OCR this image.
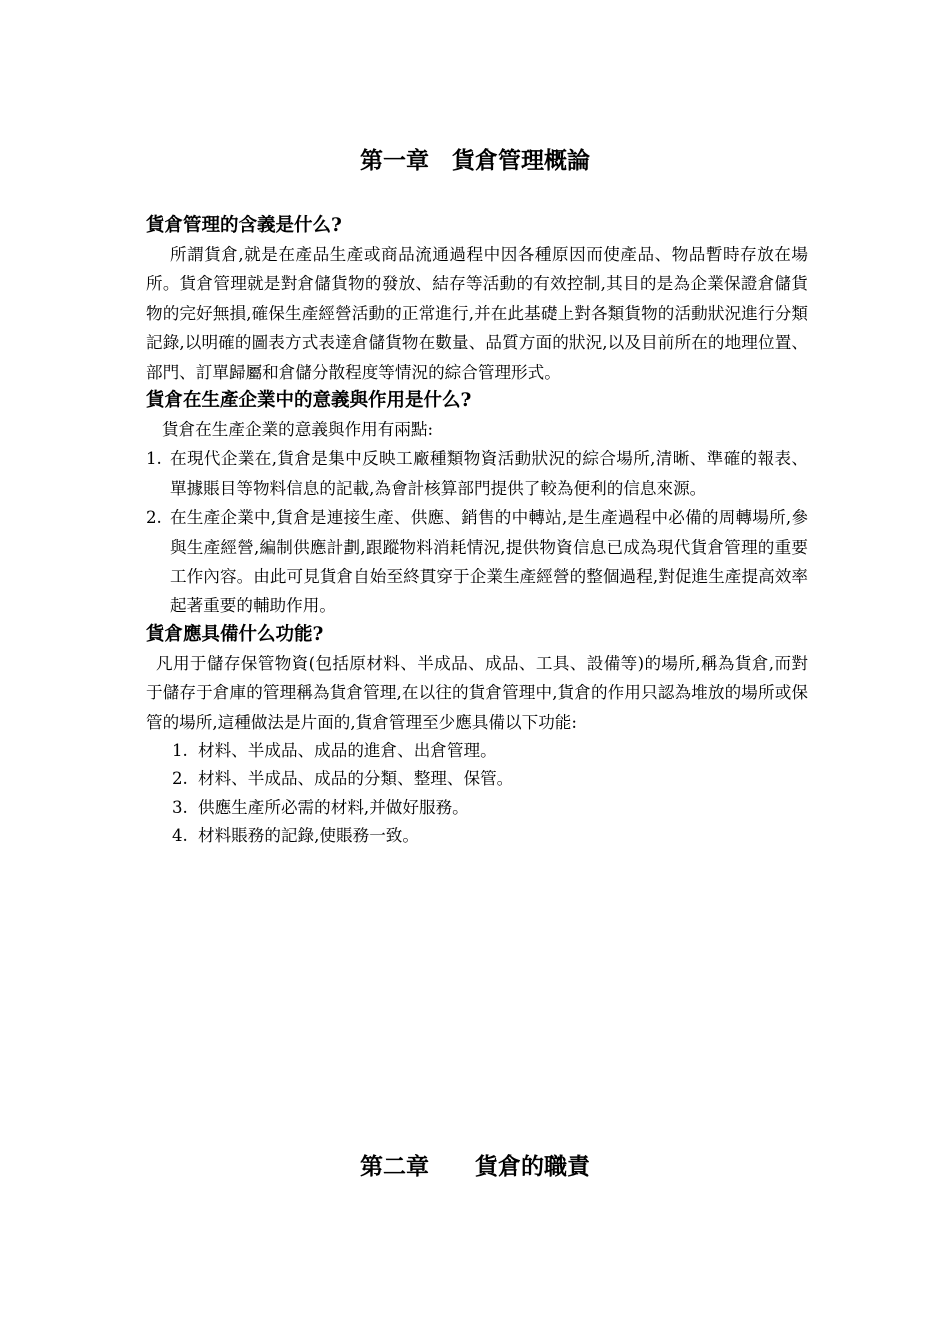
第一章　貨倉管理概論
貨倉管理的含義是什么?

所謂貨倉,就是在產品生產或商品流通過程中因各種原因而使產品、物品暫時存放在場所。貨倉管理就是對倉儲貨物的發放、結存等活動的有效控制,其目的是為企業保證倉儲貨物的完好無損,確保生產經營活動的正常進行,并在此基礎上對各類貨物的活動狀況進行分類記錄,以明確的圖表方式表達倉儲貨物在數量、品質方面的狀況,以及目前所在的地理位置、部門、訂單歸屬和倉儲分散程度等情況的綜合管理形式。

貨倉在生產企業中的意義與作用是什么?

貨倉在生產企業的意義與作用有兩點:

1. 在現代企業在,貨倉是集中反映工廠種類物資活動狀況的綜合場所,清晰、準確的報表、單據賬目等物料信息的記載,為會計核算部門提供了較為便利的信息來源。
2. 在生產企業中,貨倉是連接生產、供應、銷售的中轉站,是生產過程中必備的周轉場所,參與生產經營,編制供應計劃,跟蹤物料消耗情況,提供物資信息已成為現代貨倉管理的重要工作內容。由此可見貨倉自始至終貫穿于企業生產經營的整個過程,對促進生產提高效率起著重要的輔助作用。
貨倉應具備什么功能?

凡用于儲存保管物資(包括原材料、半成品、成品、工具、設備等)的場所,稱為貨倉,而對于儲存于倉庫的管理稱為貨倉管理,在以往的貨倉管理中,貨倉的作用只認為堆放的場所或保管的場所,這種做法是片面的,貨倉管理至少應具備以下功能:

1. 材料、半成品、成品的進倉、出倉管理。
2. 材料、半成品、成品的分類、整理、保管。
3. 供應生產所必需的材料,并做好服務。
4. 材料賬務的記錄,使賬務一致。
第二章　　貨倉的職責
